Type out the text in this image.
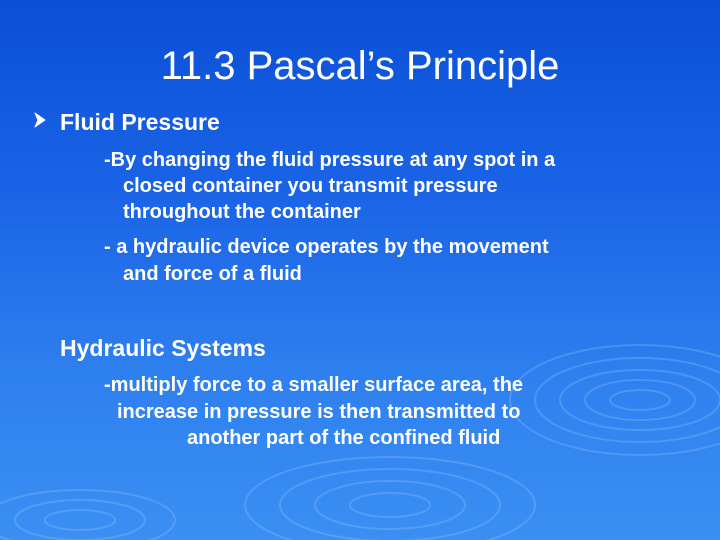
11.3 Pascal’s Principle
Fluid Pressure
-By changing the fluid pressure at any spot in a
closed container you transmit pressure
throughout the container
- a hydraulic device operates by the movement
and force of a fluid
Hydraulic Systems
-multiply force to a smaller surface area, the
increase in pressure is then transmitted to
another part of the confined fluid
